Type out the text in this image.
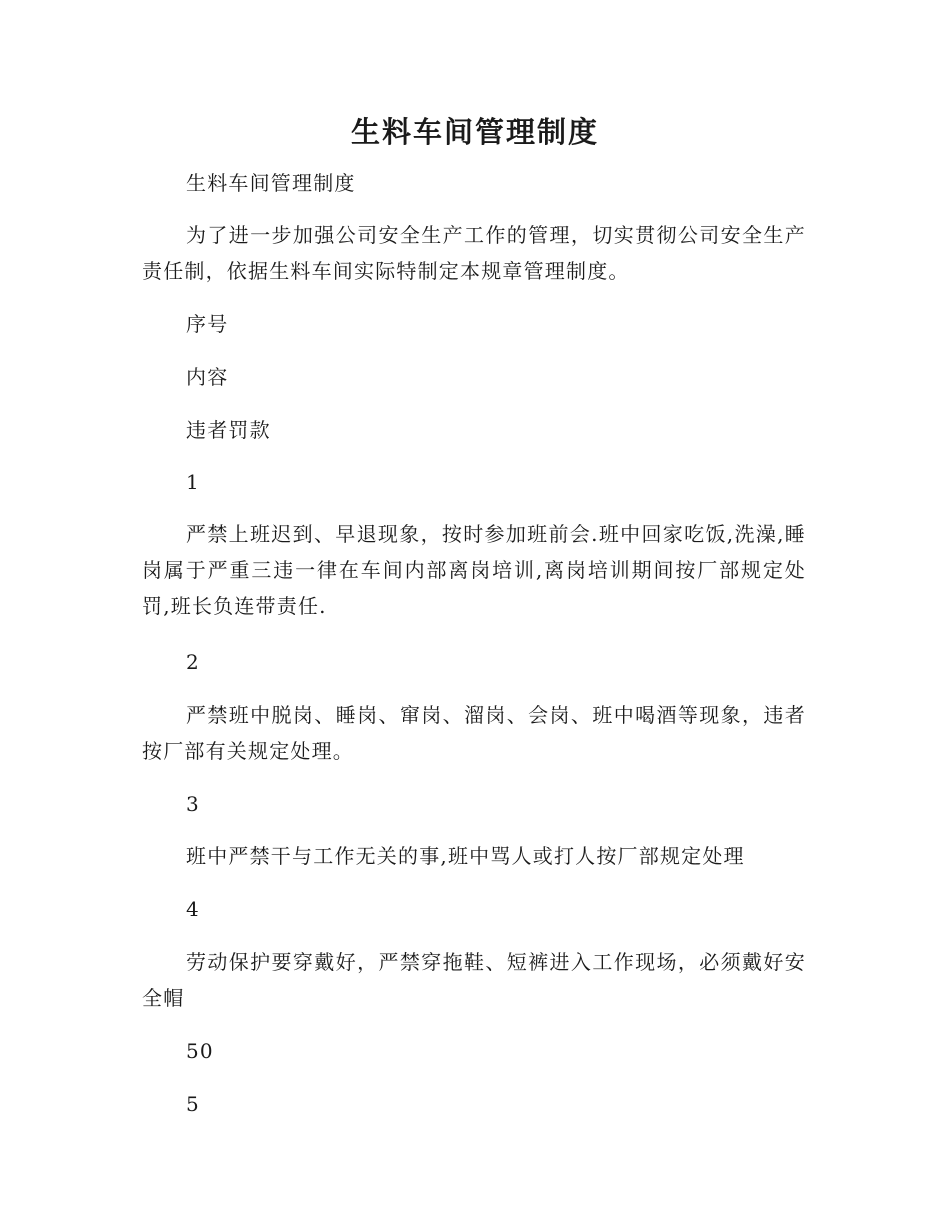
生料车间管理制度

生料车间管理制度

为了进一步加强公司安全生产工作的管理，切实贯彻公司安全生产责任制，依据生料车间实际特制定本规章管理制度。

序号

内容

违者罚款

1

严禁上班迟到、早退现象，按时参加班前会.班中回家吃饭,洗澡,睡岗属于严重三违一律在车间内部离岗培训,离岗培训期间按厂部规定处罚,班长负连带责任.

2

严禁班中脱岗、睡岗、窜岗、溜岗、会岗、班中喝酒等现象，违者按厂部有关规定处理。

3

班中严禁干与工作无关的事,班中骂人或打人按厂部规定处理

4

劳动保护要穿戴好，严禁穿拖鞋、短裤进入工作现场，必须戴好安全帽

50

5
